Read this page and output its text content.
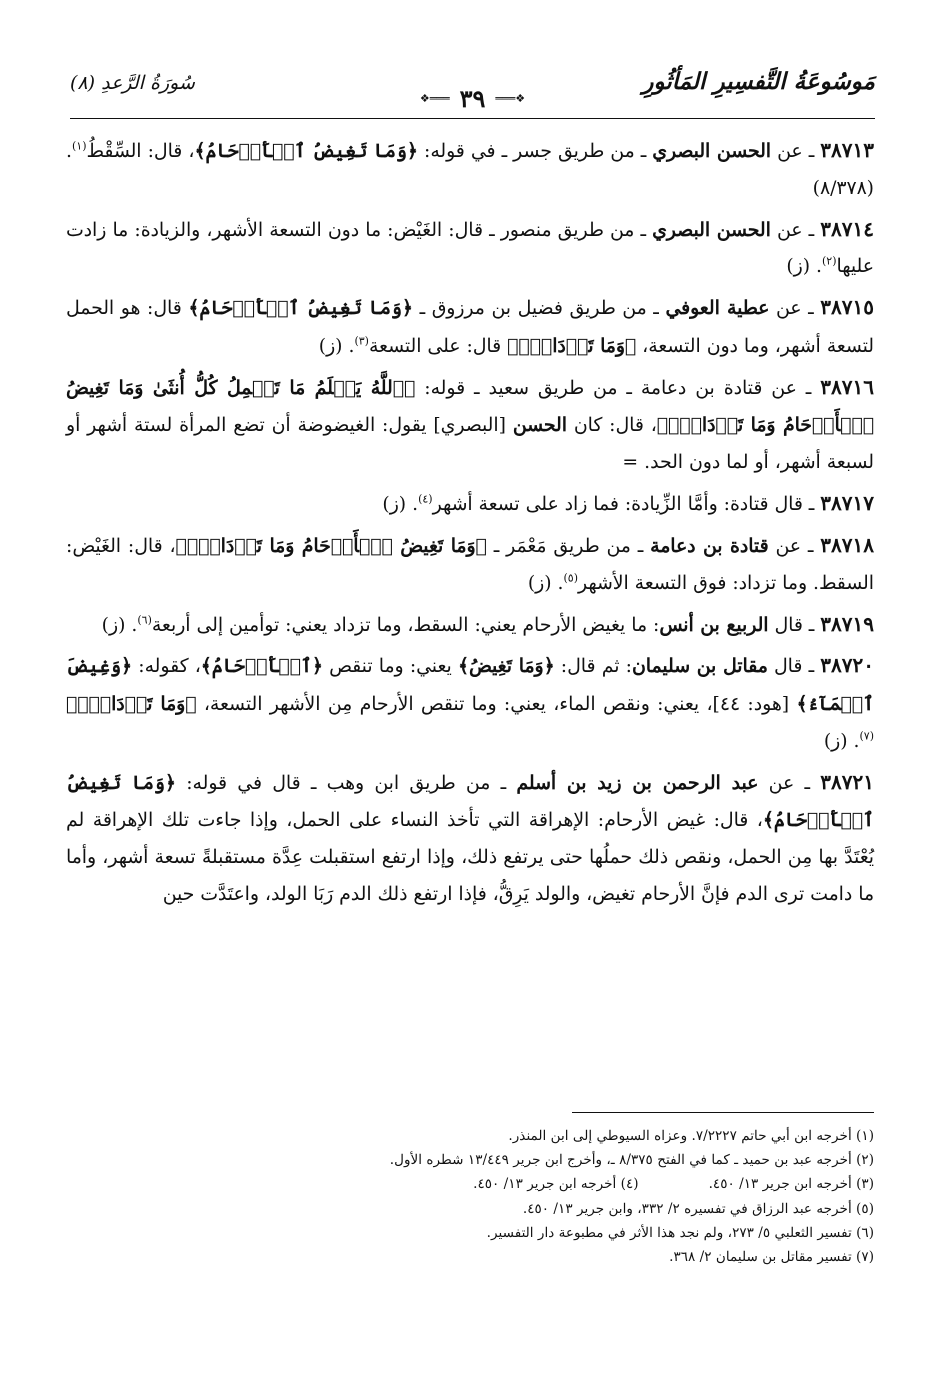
مَوسُوعَةُ التَّفسِيرِ المَأثُورِ
❖═══
٣٩
═══❖
سُورَةُ الرَّعدِ (٨)

٣٨٧١٣ ـ عن الحسن البصري ـ من طريق جسر ـ في قوله: ﴿وَمَا تَغِيضُ ٱلۡأَرۡحَامُ﴾، قال: السِّقْطُ$^{(١)}$. (٨/٣٧٨)

٣٨٧١٤ ـ عن الحسن البصري ـ من طريق منصور ـ قال: الغَيْض: ما دون التسعة الأشهر، والزيادة: ما زادت عليها$^{(٢)}$. (ز)

٣٨٧١٥ ـ عن عطية العوفي ـ من طريق فضيل بن مرزوق ـ ﴿وَمَا تَغِيضُ ٱلۡأَرۡحَامُ﴾ قال: هو الحمل لتسعة أشهر، وما دون التسعة، ﴿وَمَا تَزۡدَادُۚ﴾ قال: على التسعة$^{(٣)}$. (ز)

٣٨٧١٦ ـ عن قتادة بن دعامة ـ من طريق سعيد ـ قوله: ﴿ٱللَّهُ يَعۡلَمُ مَا تَحۡمِلُ كُلُّ أُنثَىٰ وَمَا تَغِيضُ ٱلۡأَرۡحَامُ وَمَا تَزۡدَادُۚ﴾، قال: كان الحسن [البصري] يقول: الغيضوضة أن تضع المرأة لستة أشهر أو لسبعة أشهر، أو لما دون الحد. =

٣٨٧١٧ ـ قال قتادة: وأمَّا الزِّيادة: فما زاد على تسعة أشهر$^{(٤)}$. (ز)

٣٨٧١٨ ـ عن قتادة بن دعامة ـ من طريق مَعْمَر ـ ﴿وَمَا تَغِيضُ ٱلۡأَرۡحَامُ وَمَا تَزۡدَادُۚ﴾، قال: الغَيْض: السقط. وما تزداد: فوق التسعة الأشهر$^{(٥)}$. (ز)

٣٨٧١٩ ـ قال الربيع بن أنس: ما يغيض الأرحام يعني: السقط، وما تزداد يعني: توأمين إلى أربعة$^{(٦)}$. (ز)

٣٨٧٢٠ ـ قال مقاتل بن سليمان: ثم قال: ﴿وَمَا تَغِيضُ﴾ يعني: وما تنقص ﴿ٱلۡأَرۡحَامُ﴾، كقوله: ﴿وَغِيضَ ٱلۡمَآءُ﴾ [هود: ٤٤]، يعني: ونقص الماء، يعني: وما تنقص الأرحام مِن الأشهر التسعة، ﴿وَمَا تَزۡدَادُۚ﴾$^{(٧)}$. (ز)

٣٨٧٢١ ـ عن عبد الرحمن بن زيد بن أسلم ـ من طريق ابن وهب ـ قال في قوله: ﴿وَمَا تَغِيضُ ٱلۡأَرۡحَامُ﴾، قال: غيض الأرحام: الإهراقة التي تأخذ النساء على الحمل، وإذا جاءت تلك الإهراقة لم يُعْتَدَّ بها مِن الحمل، ونقص ذلك حملُها حتى يرتفع ذلك، وإذا ارتفع استقبلت عِدَّة مستقبلةً تسعة أشهر، وأما ما دامت ترى الدم فإنَّ الأرحام تغيض، والولد يَرِقُّ، فإذا ارتفع ذلك الدم رَبَا الولد، واعتَدَّت حين

(١) أخرجه ابن أبي حاتم ٧/٢٢٢٧. وعزاه السيوطي إلى ابن المنذر.
(٢) أخرجه عبد بن حميد ـ كما في الفتح ٨/٣٧٥ ـ، وأخرج ابن جرير ١٣/٤٤٩ شطره الأول.
(٣) أخرجه ابن جرير ١٣/ ٤٥٠.
(٤) أخرجه ابن جرير ١٣/ ٤٥٠.
(٥) أخرجه عبد الرزاق في تفسيره ٢/ ٣٣٢، وابن جرير ١٣/ ٤٥٠.
(٦) تفسير الثعلبي ٥/ ٢٧٣، ولم نجد هذا الأثر في مطبوعة دار التفسير.
(٧) تفسير مقاتل بن سليمان ٢/ ٣٦٨.
